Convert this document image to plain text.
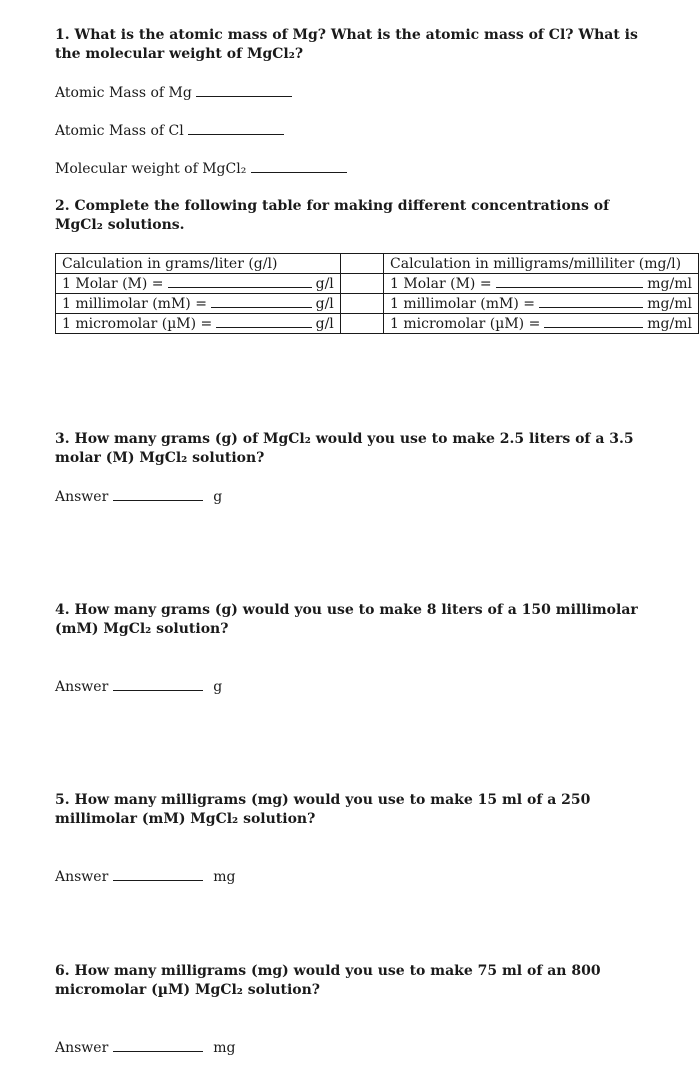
1. What is the atomic mass of Mg? What is the atomic mass of Cl? What is the molecular weight of MgCl₂?
Atomic Mass of Mg
Atomic Mass of Cl
Molecular weight of MgCl₂
2. Complete the following table for making different concentrations of MgCl₂ solutions.
Calculation in grams/liter (g/l)		Calculation in milligrams/milliliter (mg/l)

1 Molar (M) = g/l		1 Molar (M) = mg/ml

1 millimolar (mM) = g/l		1 millimolar (mM) = mg/ml

1 micromolar (µM) = g/l		1 micromolar (µM) = mg/ml
3. How many grams (g) of MgCl₂ would you use to make 2.5 liters of a 3.5 molar (M) MgCl₂ solution?
Answer	g
4. How many grams (g) would you use to make 8 liters of a 150 millimolar (mM) MgCl₂ solution?
Answer	g
5. How many milligrams (mg) would you use to make 15 ml of a 250 millimolar (mM) MgCl₂ solution?
Answer	mg
6. How many milligrams (mg) would you use to make 75 ml of an 800 micromolar (µM) MgCl₂ solution?
Answer	mg
